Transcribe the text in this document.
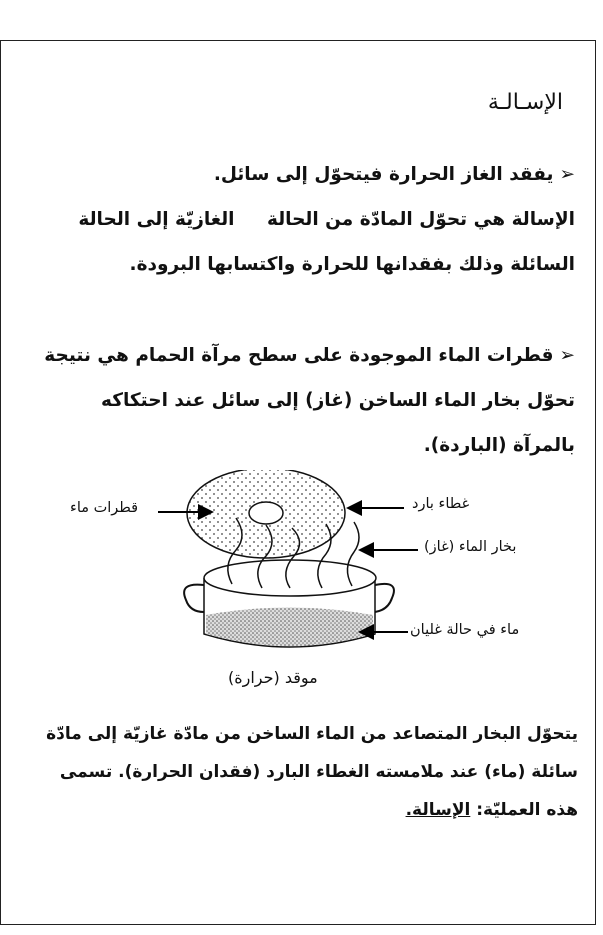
الإسـالـة
➢يفقد الغاز الحرارة فيتحوّل إلى سائل.
الإسالة هي تحوّل المادّة من الحالة الغازيّة إلى الحالة السائلة وذلك بفقدانها للحرارة واكتسابها البرودة.
➢قطرات الماء الموجودة على سطح مرآة الحمام هي نتيجة تحوّل بخار الماء الساخن (غاز) إلى سائل عند احتكاكه بالمرآة (الباردة).
قطرات ماء	غطاء بارد
بخار الماء (غاز)
ماء في حالة غليان
موقد (حرارة)
يتحوّل البخار المتصاعد من الماء الساخن من مادّة غازيّة إلى مادّة سائلة (ماء) عند ملامسته الغطاء البارد (فقدان الحرارة). تسمى هذه العمليّة: الإسالة.
